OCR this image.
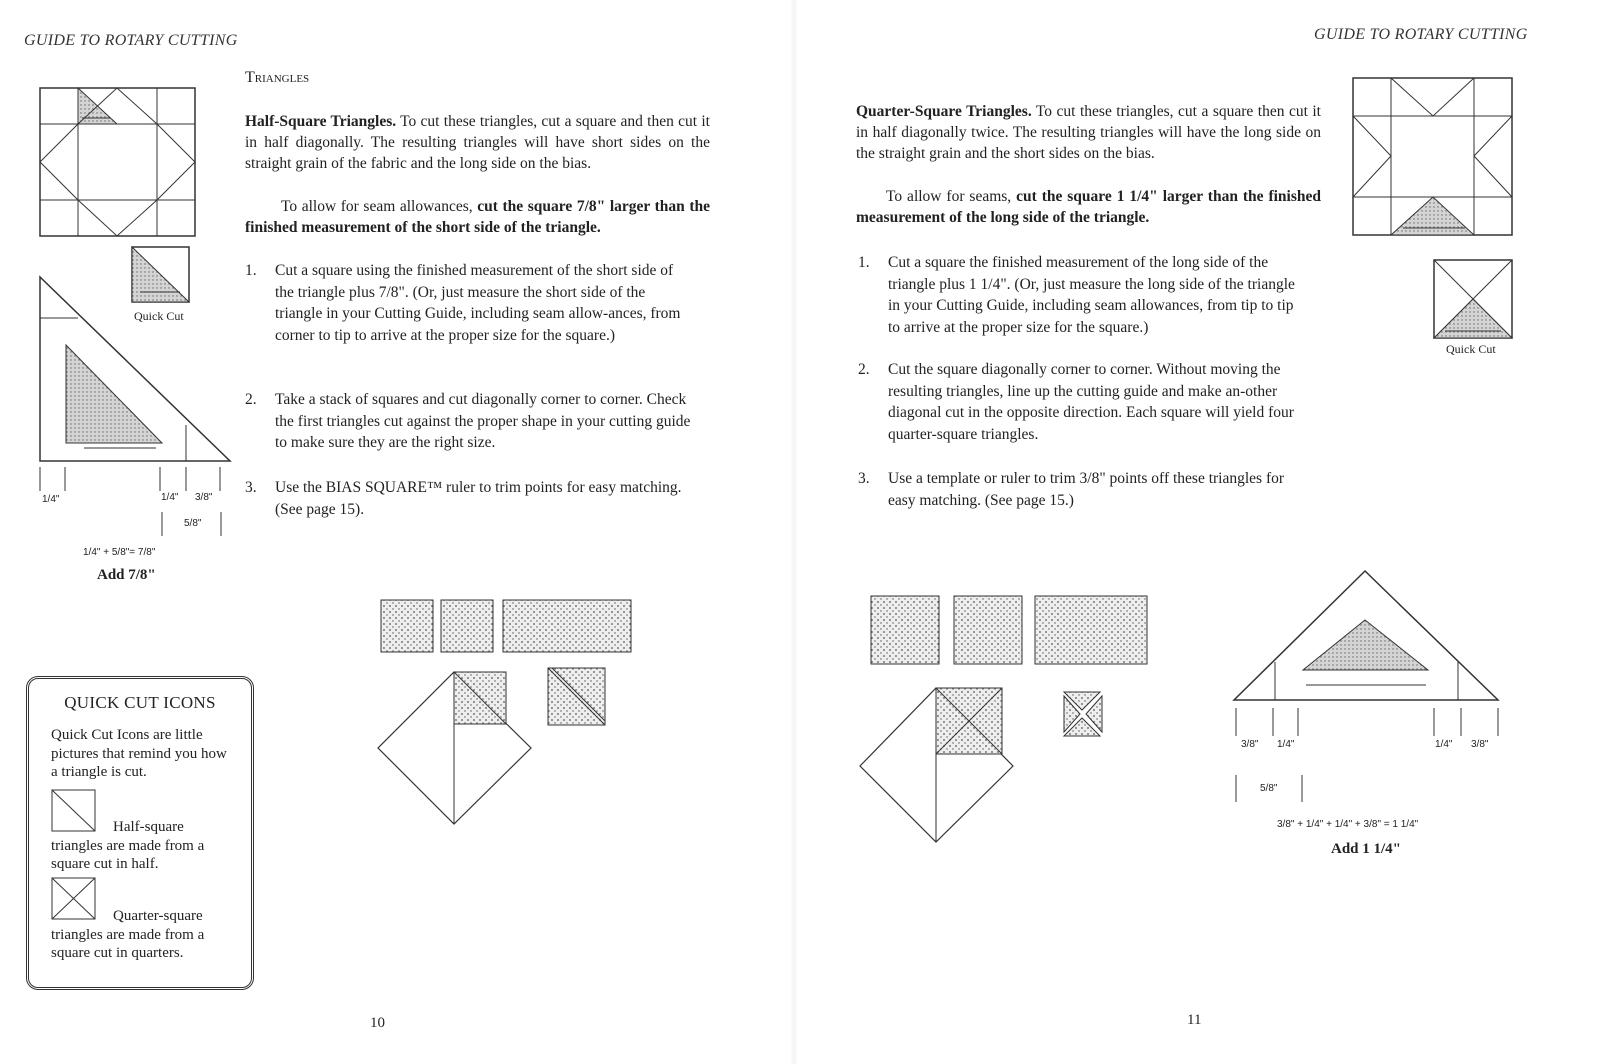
GUIDE TO ROTARY CUTTING
Triangles
Half-Square Triangles. To cut these triangles, cut a square and then cut it in half diagonally. The resulting triangles will have short sides on the straight grain of the fabric and the long side on the bias.
To allow for seam allowances, cut the square 7/8" larger than the finished measurement of the short side of the triangle.
1. Cut a square using the finished measurement of the short side of the triangle plus 7/8". (Or, just measure the short side of the triangle in your Cutting Guide, including seam allow-ances, from corner to tip to arrive at the proper size for the square.)
2. Take a stack of squares and cut diagonally corner to corner. Check the first triangles cut against the proper shape in your cutting guide to make sure they are the right size.
3. Use the BIAS SQUARE™ ruler to trim points for easy matching. (See page 15).
Quick Cut
1/4"	1/4" 3/8"
5/8"
1/4" + 5/8"= 7/8"
Add 7/8"
QUICK CUT ICONS
Quick Cut Icons are little pictures that remind you how a triangle is cut.
Half-square triangles are made from a square cut in half.
Quarter-square triangles are made from a square cut in quarters.
10
GUIDE TO ROTARY CUTTING
Quarter-Square Triangles. To cut these triangles, cut a square then cut it in half diagonally twice. The resulting triangles will have the long side on the straight grain and the short sides on the bias.
To allow for seams, cut the square 1 1/4" larger than the finished measurement of the long side of the triangle.
1. Cut a square the finished measurement of the long side of the triangle plus 1 1/4". (Or, just measure the long side of the triangle in your Cutting Guide, including seam allowances, from tip to tip to arrive at the proper size for the square.)
2. Cut the square diagonally corner to corner. Without moving the resulting triangles, line up the cutting guide and make an-other diagonal cut in the opposite direction. Each square will yield four quarter-square triangles.
3. Use a template or ruler to trim 3/8" points off these triangles for easy matching. (See page 15.)
Quick Cut
3/8" 1/4"	1/4" 3/8"
5/8"
3/8" + 1/4" + 1/4" + 3/8" = 1 1/4"
Add 1 1/4"
11
